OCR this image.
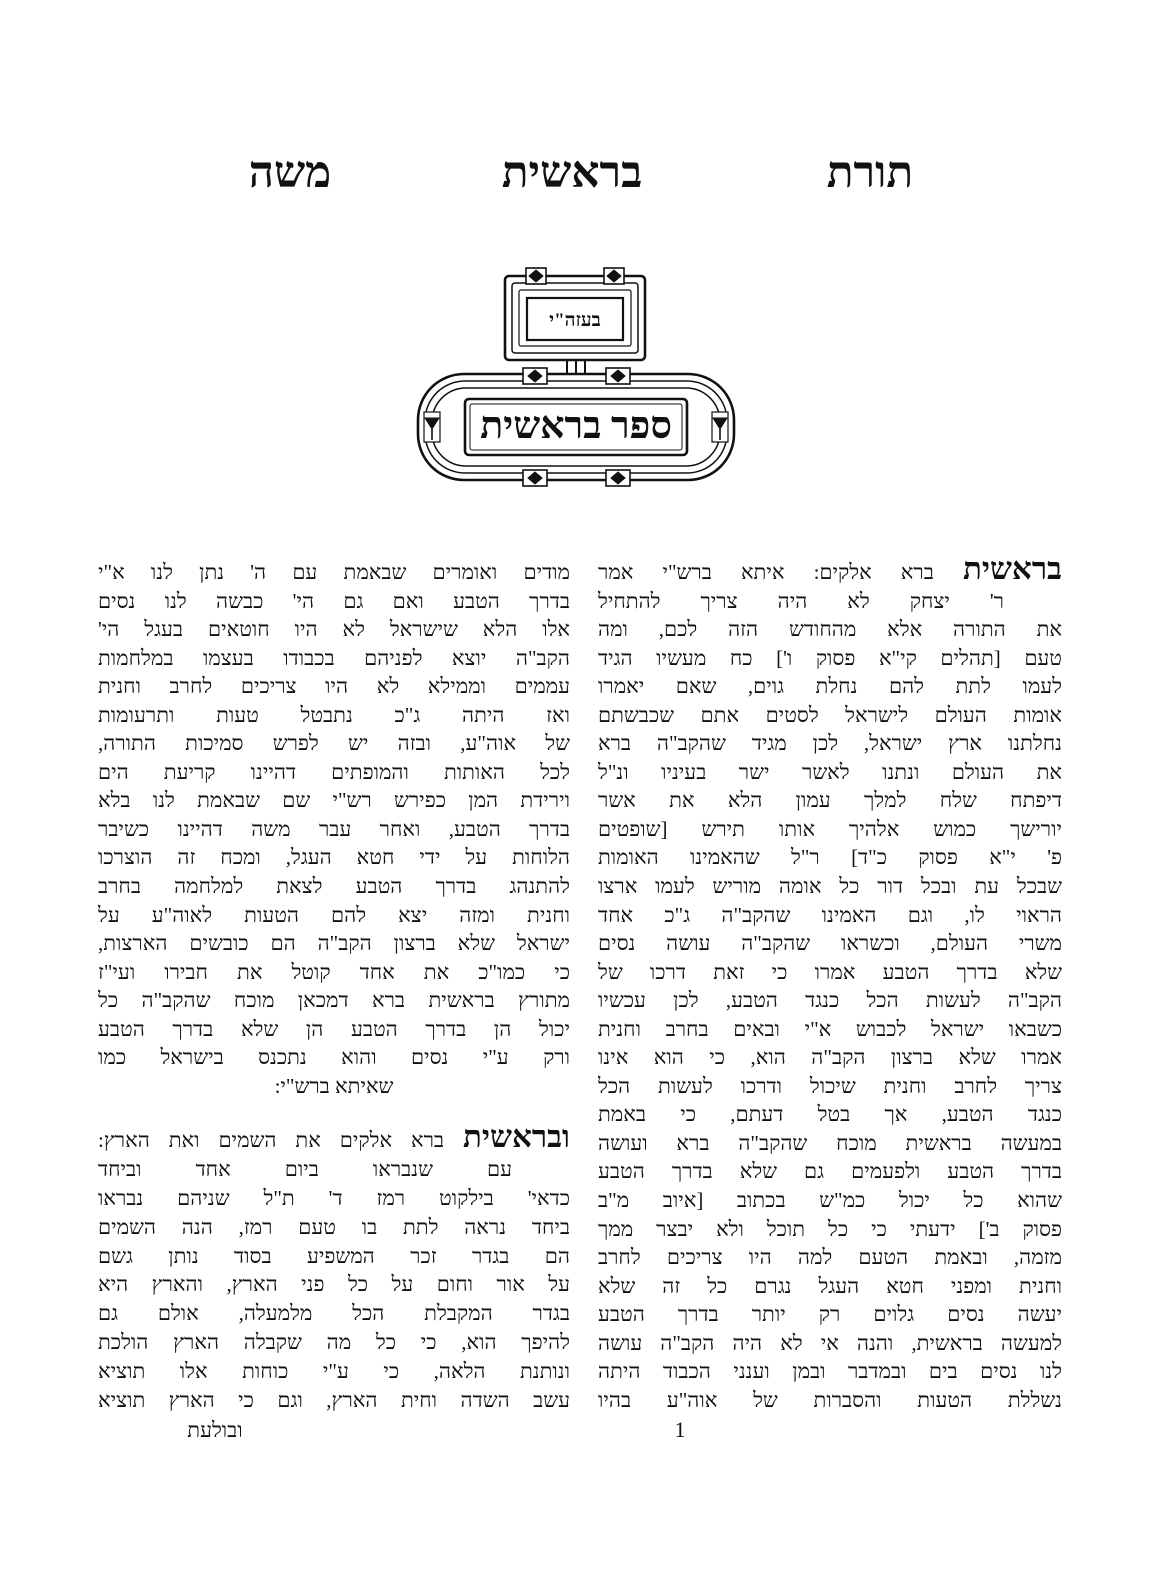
תורת
בראשית
משה
בעזה"י
ספר בראשית
בראשית ברא אלקים: איתא ברש"י אמר
ר' יצחק לא היה צריך להתחיל
את התורה אלא מהחודש הזה לכם, ומה
טעם [תהלים קי"א פסוק ו'] כח מעשיו הגיד
לעמו לתת להם נחלת גוים, שאם יאמרו
אומות העולם לישראל לסטים אתם שכבשתם
נחלתנו ארץ ישראל, לכן מגיד שהקב"ה ברא
את העולם ונתנו לאשר ישר בעיניו ונ"ל
דיפתח שלח למלך עמון הלא את אשר
יורישך כמוש אלהיך אותו תירש [שופטים
פ' י"א פסוק כ"ד] ר"ל שהאמינו האומות
שבכל עת ובכל דור כל אומה מוריש לעמו ארצו
הראוי לו, וגם האמינו שהקב"ה ג"כ אחד
משרי העולם, וכשראו שהקב"ה עושה נסים
שלא בדרך הטבע אמרו כי זאת דרכו של
הקב"ה לעשות הכל כנגד הטבע, לכן עכשיו
כשבאו ישראל לכבוש א"י ובאים בחרב וחנית
אמרו שלא ברצון הקב"ה הוא, כי הוא אינו
צריך לחרב וחנית שיכול ודרכו לעשות הכל
כנגד הטבע, אך בטל דעתם, כי באמת
במעשה בראשית מוכח שהקב"ה ברא ועושה
בדרך הטבע ולפעמים גם שלא בדרך הטבע
שהוא כל יכול כמ"ש בכתוב [איוב מ"ב
פסוק ב'] ידעתי כי כל תוכל ולא יבצר ממך
מזמה, ובאמת הטעם למה היו צריכים לחרב
וחנית ומפני חטא העגל נגרם כל זה שלא
יעשה נסים גלוים רק יותר בדרך הטבע
למעשה בראשית, והנה אי לא היה הקב"ה עושה
לנו נסים בים ובמדבר ובמן וענני הכבוד היתה
נשללת הטעות והסברות של אוה"ע בהיו
מודים ואומרים שבאמת עם ה' נתן לנו א"י
בדרך הטבע ואם גם הי' כבשה לנו נסים
אלו הלא שישראל לא היו חוטאים בעגל הי'
הקב"ה יוצא לפניהם בכבודו בעצמו במלחמות
עממים וממילא לא היו צריכים לחרב וחנית
ואז היתה ג"כ נתבטל טעות ותרעומות
של אוה"ע, ובזה יש לפרש סמיכות התורה,
לכל האותות והמופתים דהיינו קריעת הים
וירידת המן כפירש רש"י שם שבאמת לנו בלא
בדרך הטבע, ואחר עבר משה דהיינו כשיבר
הלוחות על ידי חטא העגל, ומכח זה הוצרכו
להתנהג בדרך הטבע לצאת למלחמה בחרב
וחנית ומזה יצא להם הטעות לאוה"ע על
ישראל שלא ברצון הקב"ה הם כובשים הארצות,
כי כמו"כ את אחד קוטל את חבירו ועי"ז
מתורץ בראשית ברא דמכאן מוכח שהקב"ה כל
יכול הן בדרך הטבע הן שלא בדרך הטבע
ורק ע"י נסים והוא נתכנס בישראל כמו
שאיתא ברש"י:
ובראשית ברא אלקים את השמים ואת הארץ:
עם שנבראו ביום אחד וביחד
כדאי' בילקוט רמז ד' ת"ל שניהם נבראו
ביחד נראה לתת בו טעם רמז, הנה השמים
הם בגדר זכר המשפיע בסוד נותן גשם
על אור וחום על כל פני הארץ, והארץ היא
בגדר המקבלת הכל מלמעלה, אולם גם
להיפך הוא, כי כל מה שקבלה הארץ הולכת
ונותנת הלאה, כי ע"י כוחות אלו תוציא
עשב השדה וחית הארץ, וגם כי הארץ תוציא
ובולעת	1
